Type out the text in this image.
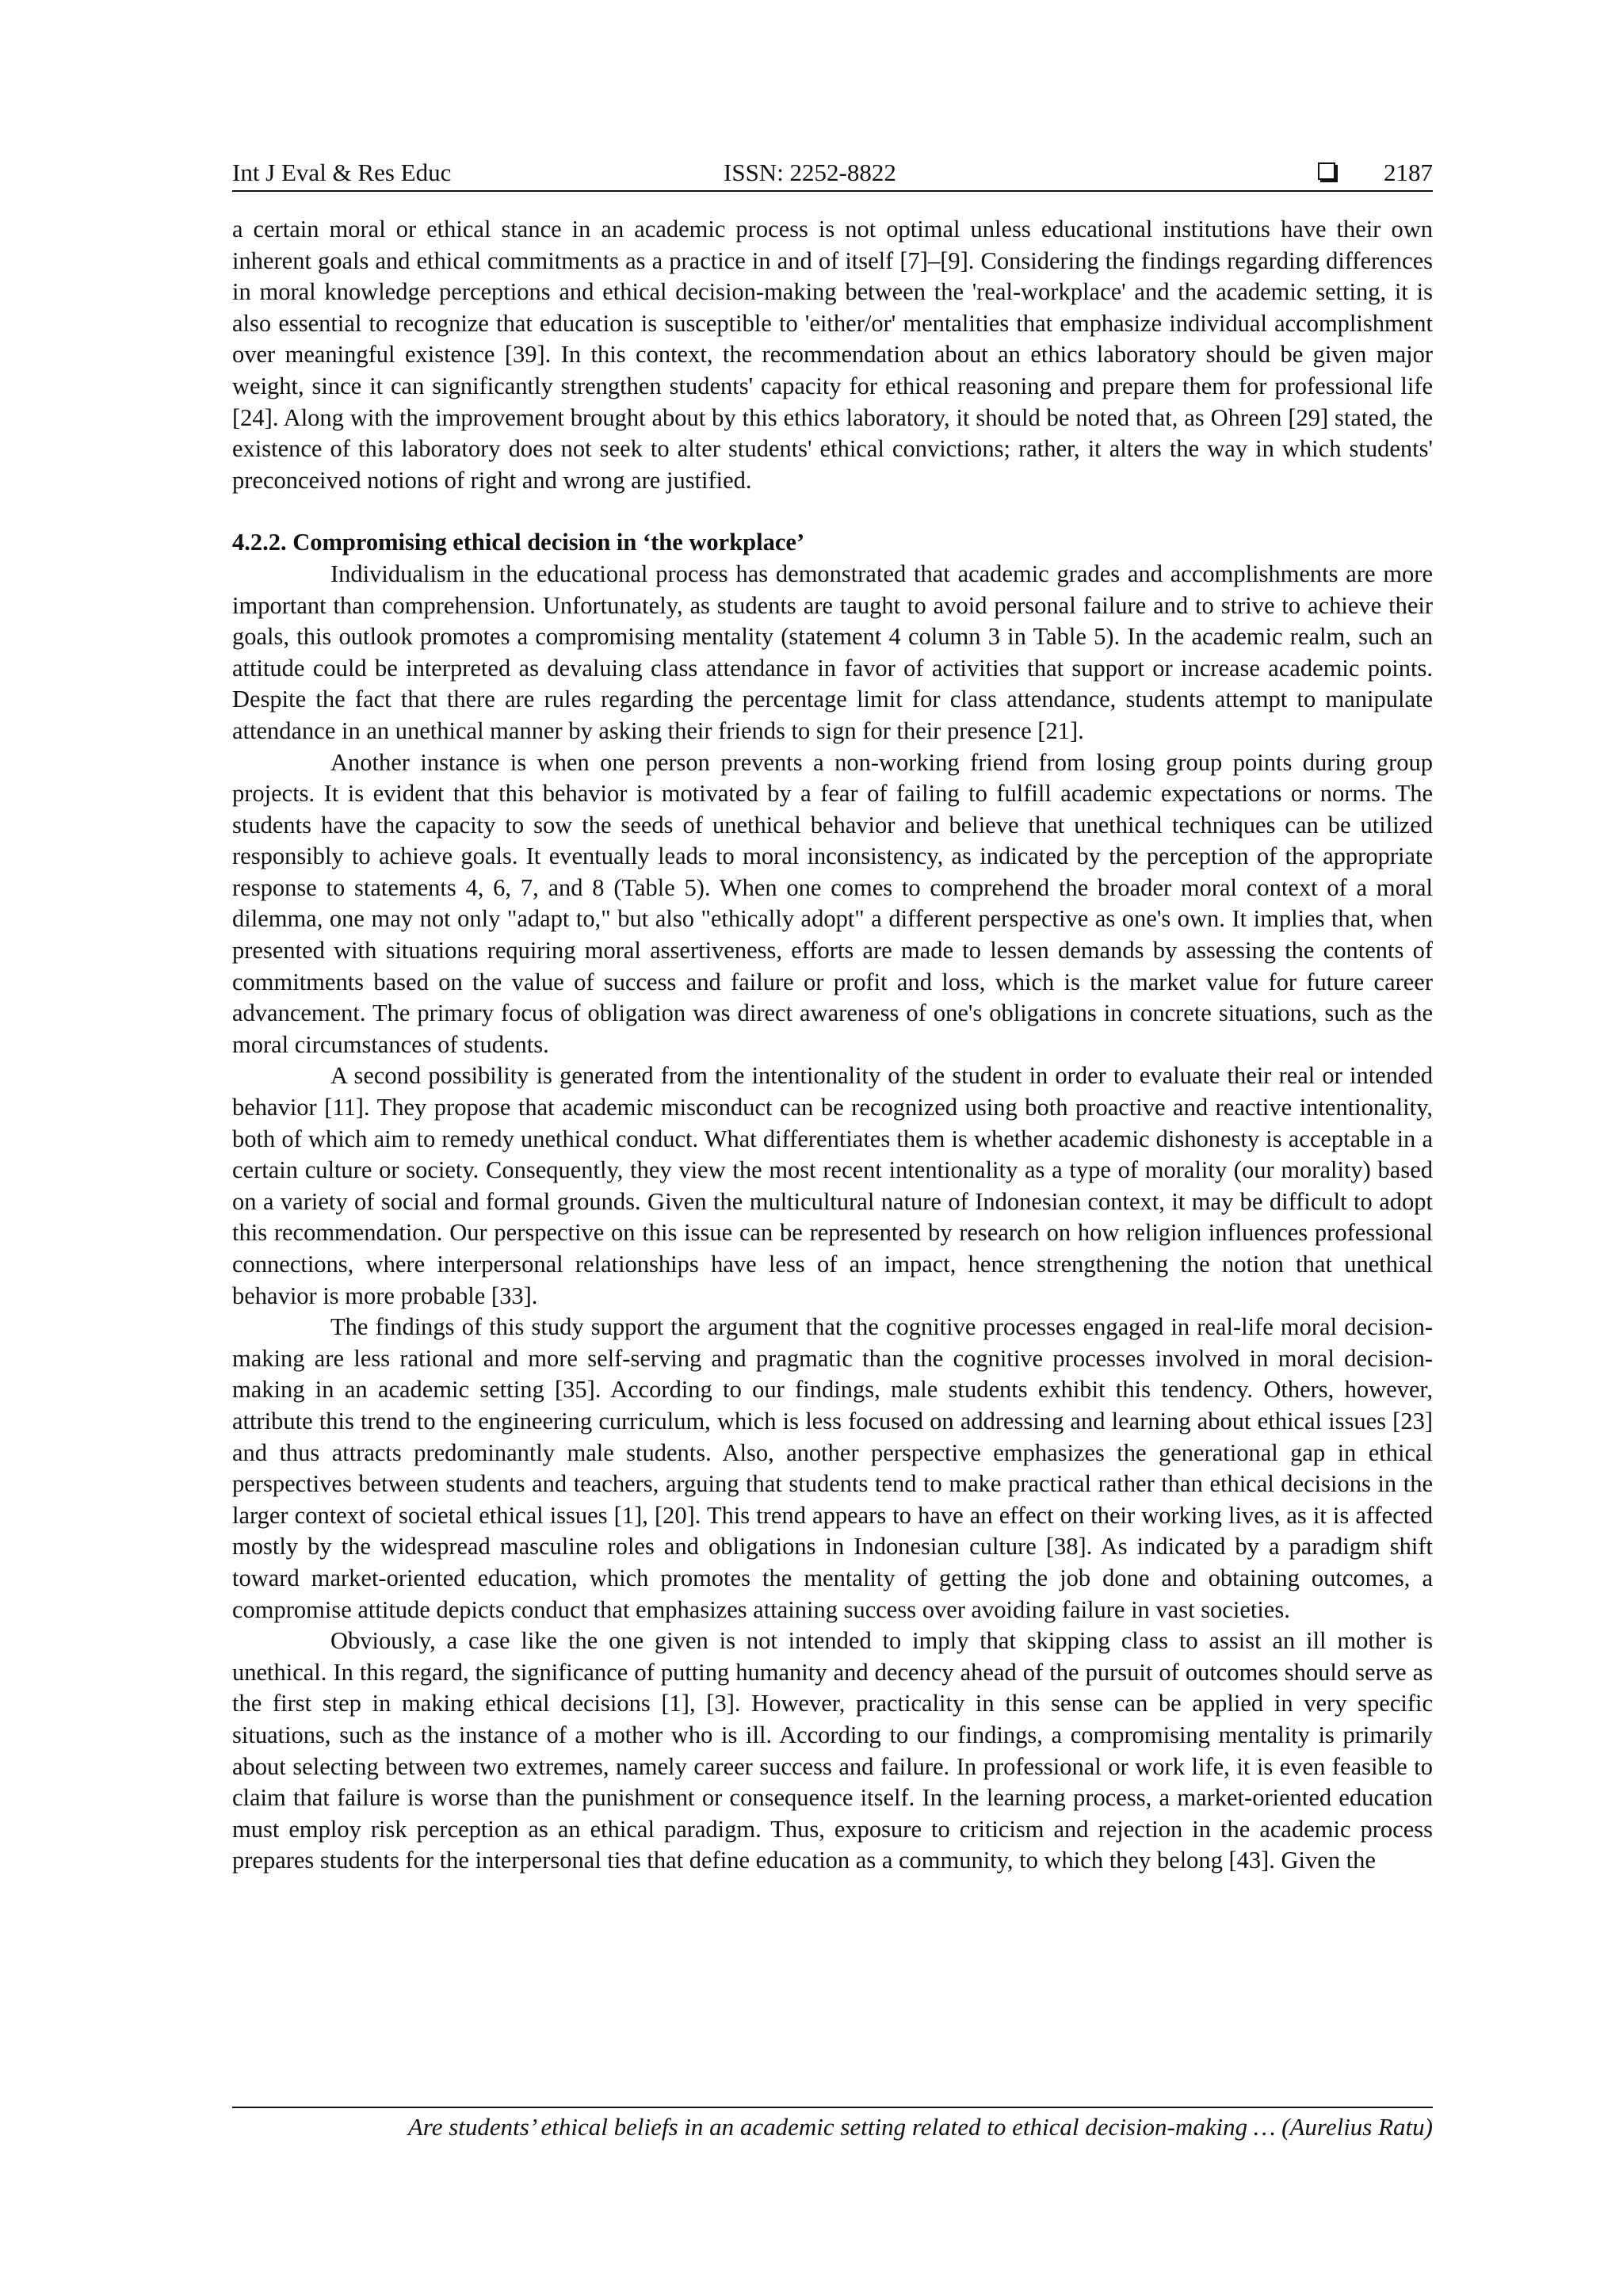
Int J Eval & Res Educ	ISSN: 2252-8822	2187

a certain moral or ethical stance in an academic process is not optimal unless educational institutions have their own inherent goals and ethical commitments as a practice in and of itself [7]–[9]. Considering the findings regarding differences in moral knowledge perceptions and ethical decision-making between the 'real-workplace' and the academic setting, it is also essential to recognize that education is susceptible to 'either/or' mentalities that emphasize individual accomplishment over meaningful existence [39]. In this context, the recommendation about an ethics laboratory should be given major weight, since it can significantly strengthen students' capacity for ethical reasoning and prepare them for professional life [24]. Along with the improvement brought about by this ethics laboratory, it should be noted that, as Ohreen [29] stated, the existence of this laboratory does not seek to alter students' ethical convictions; rather, it alters the way in which students' preconceived notions of right and wrong are justified.

4.2.2. Compromising ethical decision in ‘the workplace’

Individualism in the educational process has demonstrated that academic grades and accomplishments are more important than comprehension. Unfortunately, as students are taught to avoid personal failure and to strive to achieve their goals, this outlook promotes a compromising mentality (statement 4 column 3 in Table 5). In the academic realm, such an attitude could be interpreted as devaluing class attendance in favor of activities that support or increase academic points. Despite the fact that there are rules regarding the percentage limit for class attendance, students attempt to manipulate attendance in an unethical manner by asking their friends to sign for their presence [21].

Another instance is when one person prevents a non-working friend from losing group points during group projects. It is evident that this behavior is motivated by a fear of failing to fulfill academic expectations or norms. The students have the capacity to sow the seeds of unethical behavior and believe that unethical techniques can be utilized responsibly to achieve goals. It eventually leads to moral inconsistency, as indicated by the perception of the appropriate response to statements 4, 6, 7, and 8 (Table 5). When one comes to comprehend the broader moral context of a moral dilemma, one may not only "adapt to," but also "ethically adopt" a different perspective as one's own. It implies that, when presented with situations requiring moral assertiveness, efforts are made to lessen demands by assessing the contents of commitments based on the value of success and failure or profit and loss, which is the market value for future career advancement. The primary focus of obligation was direct awareness of one's obligations in concrete situations, such as the moral circumstances of students.

A second possibility is generated from the intentionality of the student in order to evaluate their real or intended behavior [11]. They propose that academic misconduct can be recognized using both proactive and reactive intentionality, both of which aim to remedy unethical conduct. What differentiates them is whether academic dishonesty is acceptable in a certain culture or society. Consequently, they view the most recent intentionality as a type of morality (our morality) based on a variety of social and formal grounds. Given the multicultural nature of Indonesian context, it may be difficult to adopt this recommendation. Our perspective on this issue can be represented by research on how religion influences professional connections, where interpersonal relationships have less of an impact, hence strengthening the notion that unethical behavior is more probable [33].

The findings of this study support the argument that the cognitive processes engaged in real-life moral decision-making are less rational and more self-serving and pragmatic than the cognitive processes involved in moral decision-making in an academic setting [35]. According to our findings, male students exhibit this tendency. Others, however, attribute this trend to the engineering curriculum, which is less focused on addressing and learning about ethical issues [23] and thus attracts predominantly male students. Also, another perspective emphasizes the generational gap in ethical perspectives between students and teachers, arguing that students tend to make practical rather than ethical decisions in the larger context of societal ethical issues [1], [20]. This trend appears to have an effect on their working lives, as it is affected mostly by the widespread masculine roles and obligations in Indonesian culture [38]. As indicated by a paradigm shift toward market-oriented education, which promotes the mentality of getting the job done and obtaining outcomes, a compromise attitude depicts conduct that emphasizes attaining success over avoiding failure in vast societies.

Obviously, a case like the one given is not intended to imply that skipping class to assist an ill mother is unethical. In this regard, the significance of putting humanity and decency ahead of the pursuit of outcomes should serve as the first step in making ethical decisions [1], [3]. However, practicality in this sense can be applied in very specific situations, such as the instance of a mother who is ill. According to our findings, a compromising mentality is primarily about selecting between two extremes, namely career success and failure. In professional or work life, it is even feasible to claim that failure is worse than the punishment or consequence itself. In the learning process, a market-oriented education must employ risk perception as an ethical paradigm. Thus, exposure to criticism and rejection in the academic process prepares students for the interpersonal ties that define education as a community, to which they belong [43]. Given the

Are students’ ethical beliefs in an academic setting related to ethical decision-making … (Aurelius Ratu)
